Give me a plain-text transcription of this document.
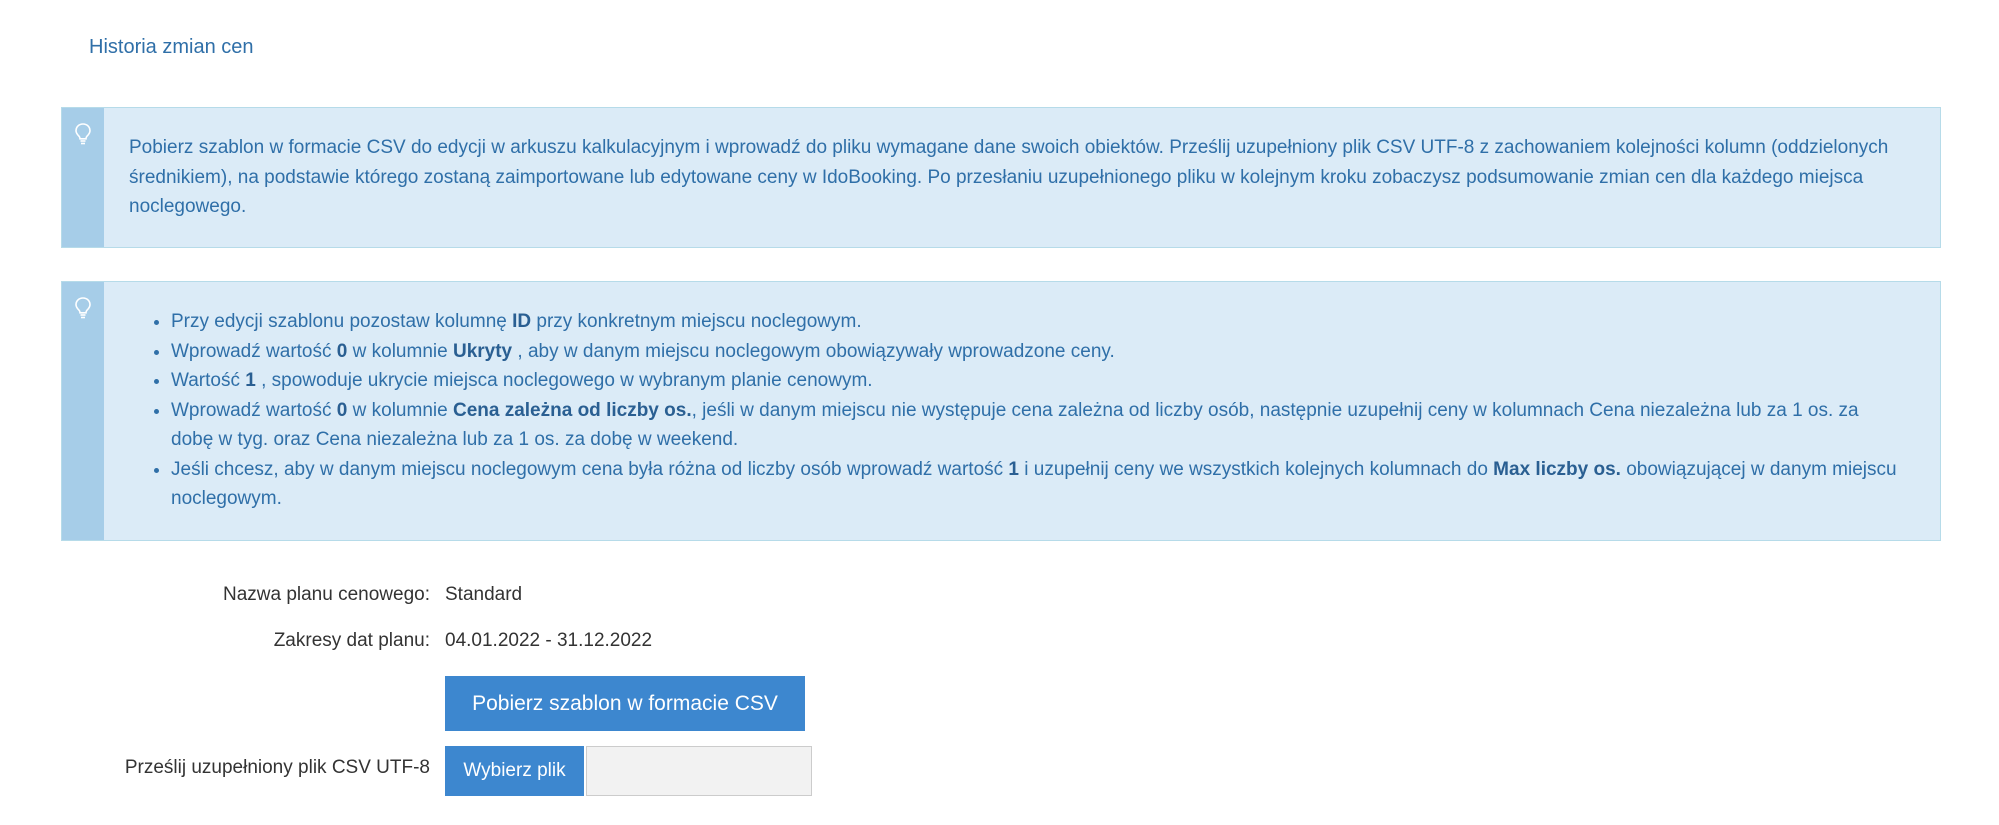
Historia zmian cen
Pobierz szablon w formacie CSV do edycji w arkuszu kalkulacyjnym i wprowadź do pliku wymagane dane swoich obiektów. Prześlij uzupełniony plik CSV UTF-8 z zachowaniem kolejności kolumn (oddzielonych średnikiem), na podstawie którego zostaną zaimportowane lub edytowane ceny w IdoBooking. Po przesłaniu uzupełnionego pliku w kolejnym kroku zobaczysz podsumowanie zmian cen dla każdego miejsca noclegowego.
• Przy edycji szablonu pozostaw kolumnę ID przy konkretnym miejscu noclegowym.
• Wprowadź wartość 0 w kolumnie Ukryty , aby w danym miejscu noclegowym obowiązywały wprowadzone ceny.
• Wartość 1 , spowoduje ukrycie miejsca noclegowego w wybranym planie cenowym.
• Wprowadź wartość 0 w kolumnie Cena zależna od liczby os., jeśli w danym miejscu nie występuje cena zależna od liczby osób, następnie uzupełnij ceny w kolumnach Cena niezależna lub za 1 os. za dobę w tyg. oraz Cena niezależna lub za 1 os. za dobę w weekend.
• Jeśli chcesz, aby w danym miejscu noclegowym cena była różna od liczby osób wprowadź wartość 1 i uzupełnij ceny we wszystkich kolejnych kolumnach do Max liczby os. obowiązującej w danym miejscu noclegowym.
Nazwa planu cenowego: Standard
Zakresy dat planu: 04.01.2022 - 31.12.2022
Pobierz szablon w formacie CSV
Prześlij uzupełniony plik CSV UTF-8	Wybierz plik
